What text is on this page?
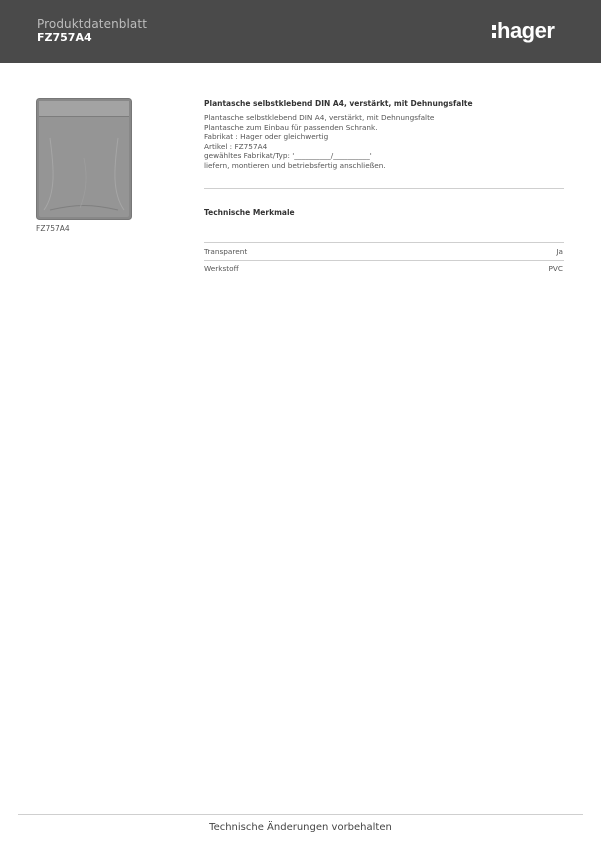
Produktdatenblatt
FZ757A4	hager
FZ757A4
Plantasche selbstklebend DIN A4, verstärkt, mit Dehnungsfalte
Plantasche selbstklebend DIN A4, verstärkt, mit Dehnungsfalte
Plantasche zum Einbau für passenden Schrank.
Fabrikat : Hager oder gleichwertig
Artikel : FZ757A4
gewähltes Fabrikat/Typ: '__________/__________'
liefern, montieren und betriebsfertig anschließen.
Technische Merkmale
Transparent	Ja
Werkstoff	PVC
Technische Änderungen vorbehalten
